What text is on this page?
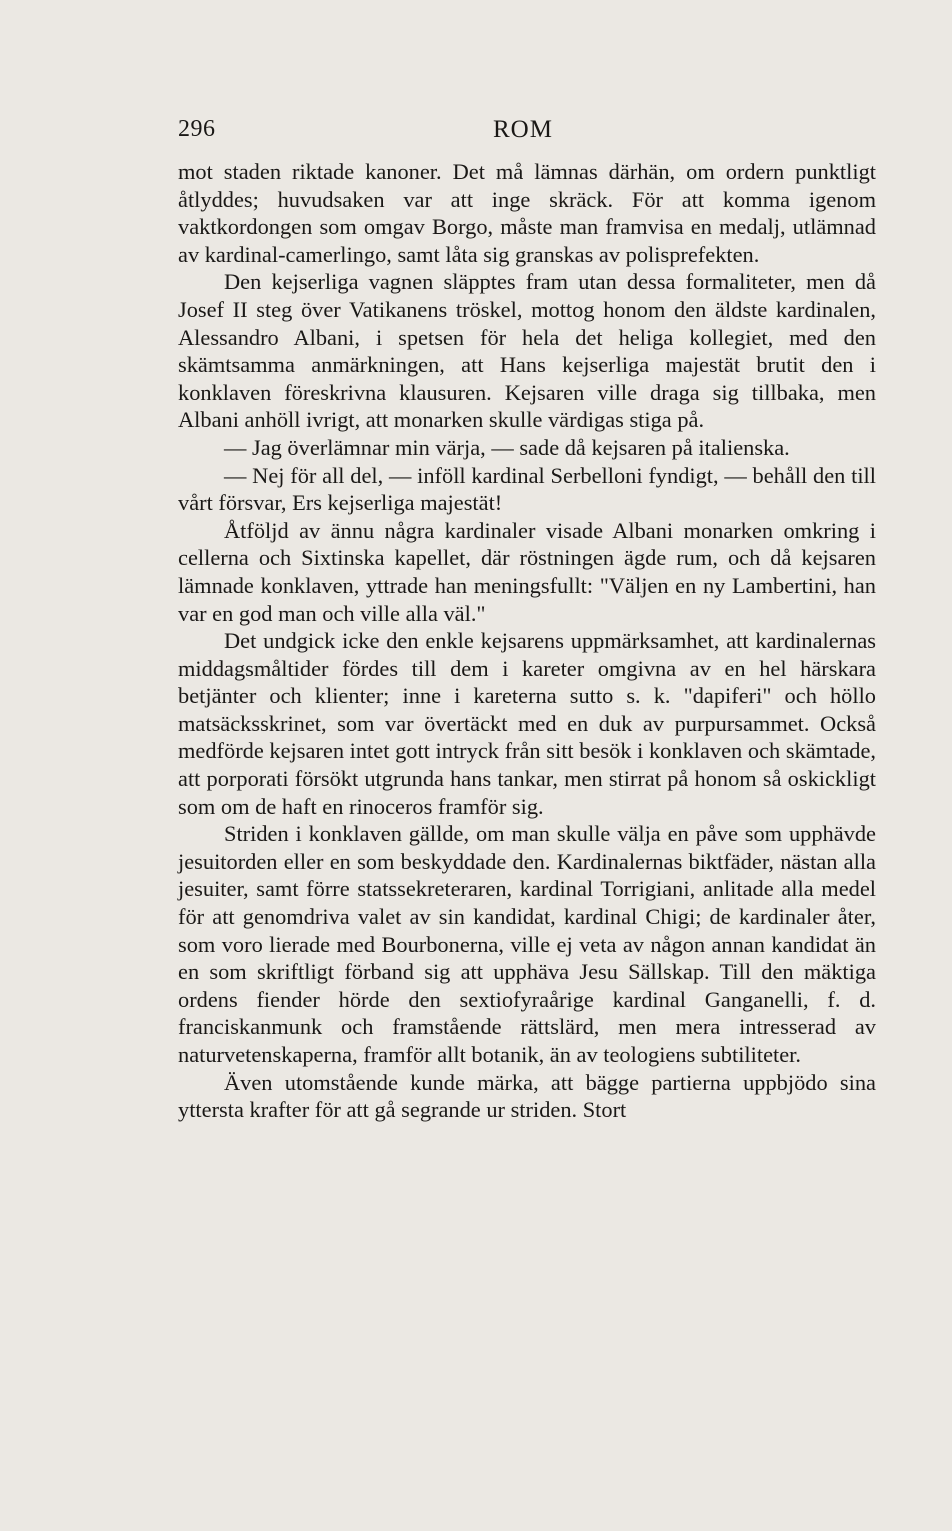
296	ROM

mot staden riktade kanoner. Det må lämnas därhän, om ordern punktligt åtlyddes; huvudsaken var att inge skräck. För att komma igenom vaktkordongen som omgav Borgo, måste man framvisa en medalj, utlämnad av kardinal-camerlingo, samt låta sig granskas av polisprefekten.

Den kejserliga vagnen släpptes fram utan dessa formaliteter, men då Josef II steg över Vatikanens tröskel, mottog honom den äldste kardinalen, Alessandro Albani, i spetsen för hela det heliga kollegiet, med den skämtsamma anmärkningen, att Hans kejserliga majestät brutit den i konklaven föreskrivna klausuren. Kejsaren ville draga sig tillbaka, men Albani anhöll ivrigt, att monarken skulle värdigas stiga på.

— Jag överlämnar min värja, — sade då kejsaren på italienska.

— Nej för all del, — inföll kardinal Serbelloni fyndigt, — behåll den till vårt försvar, Ers kejserliga majestät!

Åtföljd av ännu några kardinaler visade Albani monarken omkring i cellerna och Sixtinska kapellet, där röstningen ägde rum, och då kejsaren lämnade konklaven, yttrade han meningsfullt: "Väljen en ny Lambertini, han var en god man och ville alla väl."

Det undgick icke den enkle kejsarens uppmärksamhet, att kardinalernas middagsmåltider fördes till dem i kareter omgivna av en hel härskara betjänter och klienter; inne i kareterna sutto s. k. "dapiferi" och höllo matsäcksskrinet, som var övertäckt med en duk av purpursammet. Också medförde kejsaren intet gott intryck från sitt besök i konklaven och skämtade, att porporati försökt utgrunda hans tankar, men stirrat på honom så oskickligt som om de haft en rinoceros framför sig.

Striden i konklaven gällde, om man skulle välja en påve som upphävde jesuitorden eller en som beskyddade den. Kardinalernas biktfäder, nästan alla jesuiter, samt förre statssekreteraren, kardinal Torrigiani, anlitade alla medel för att genomdriva valet av sin kandidat, kardinal Chigi; de kardinaler åter, som voro lierade med Bourbonerna, ville ej veta av någon annan kandidat än en som skriftligt förband sig att upphäva Jesu Sällskap. Till den mäktiga ordens fiender hörde den sextiofyraårige kardinal Ganganelli, f. d. franciskanmunk och framstående rättslärd, men mera intresserad av naturvetenskaperna, framför allt botanik, än av teologiens subtiliteter.

Även utomstående kunde märka, att bägge partierna uppbjödo sina yttersta krafter för att gå segrande ur striden. Stort
